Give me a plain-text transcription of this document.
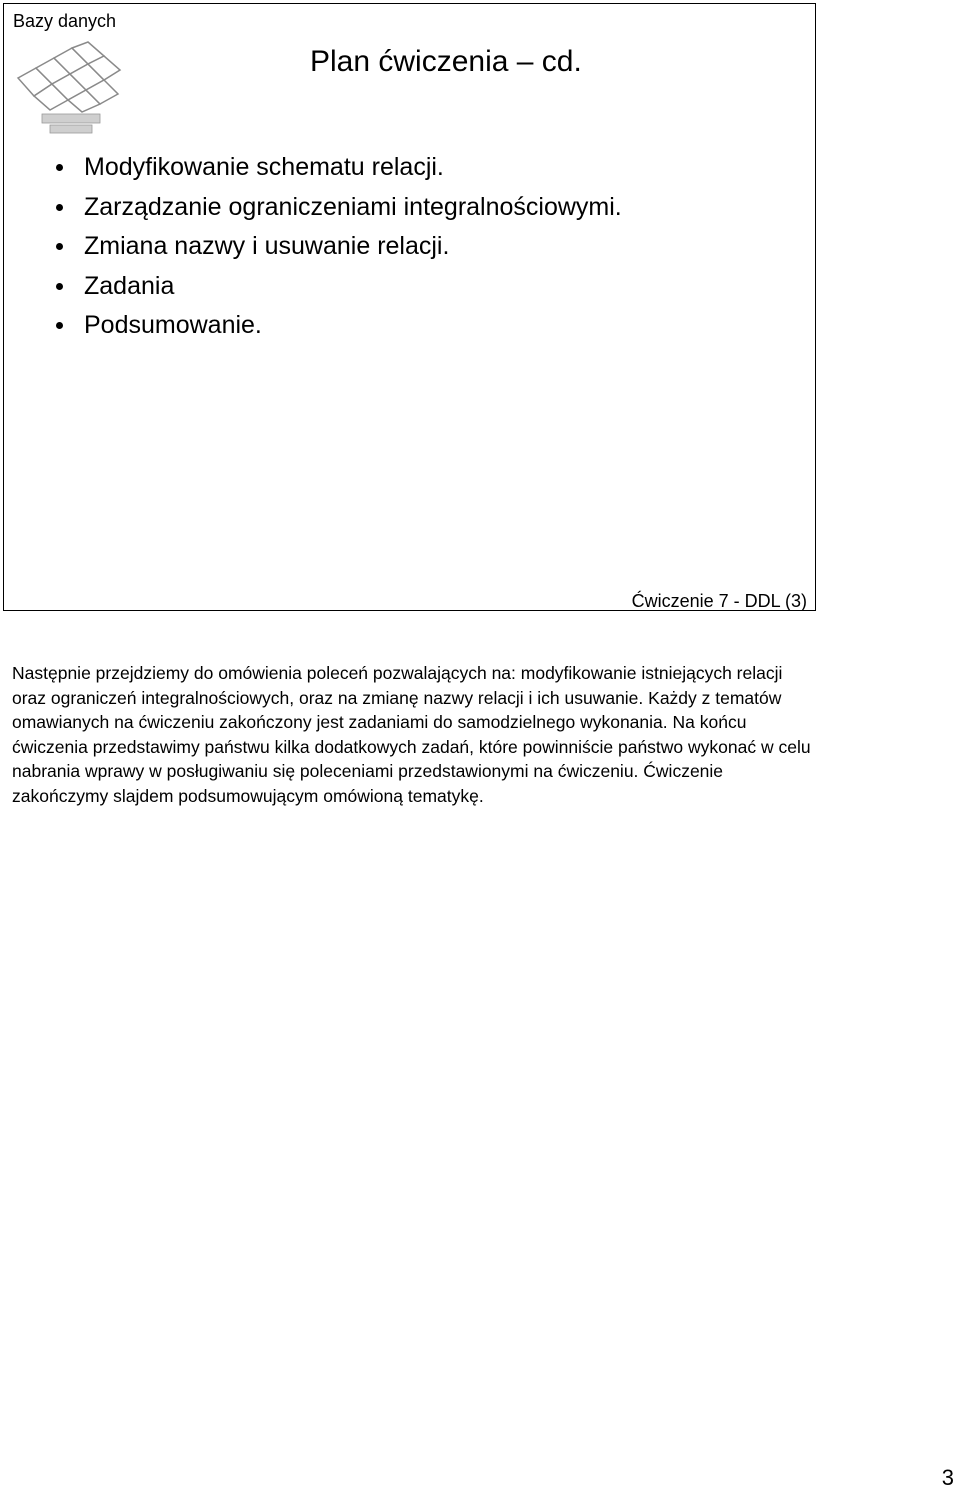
Bazy danych
Plan ćwiczenia – cd.
Modyfikowanie schematu relacji.
Zarządzanie ograniczeniami integralnościowymi.
Zmiana nazwy i usuwanie relacji.
Zadania
Podsumowanie.
Ćwiczenie 7 - DDL (3)

Następnie przejdziemy do omówienia poleceń pozwalających na: modyfikowanie istniejących relacji oraz ograniczeń integralnościowych, oraz na zmianę nazwy relacji i ich usuwanie. Każdy z tematów omawianych na ćwiczeniu zakończony jest zadaniami do samodzielnego wykonania. Na końcu ćwiczenia przedstawimy państwu kilka dodatkowych zadań, które powinniście państwo wykonać w celu nabrania wprawy w posługiwaniu się poleceniami przedstawionymi na ćwiczeniu. Ćwiczenie zakończymy slajdem podsumowującym omówioną tematykę.

3
